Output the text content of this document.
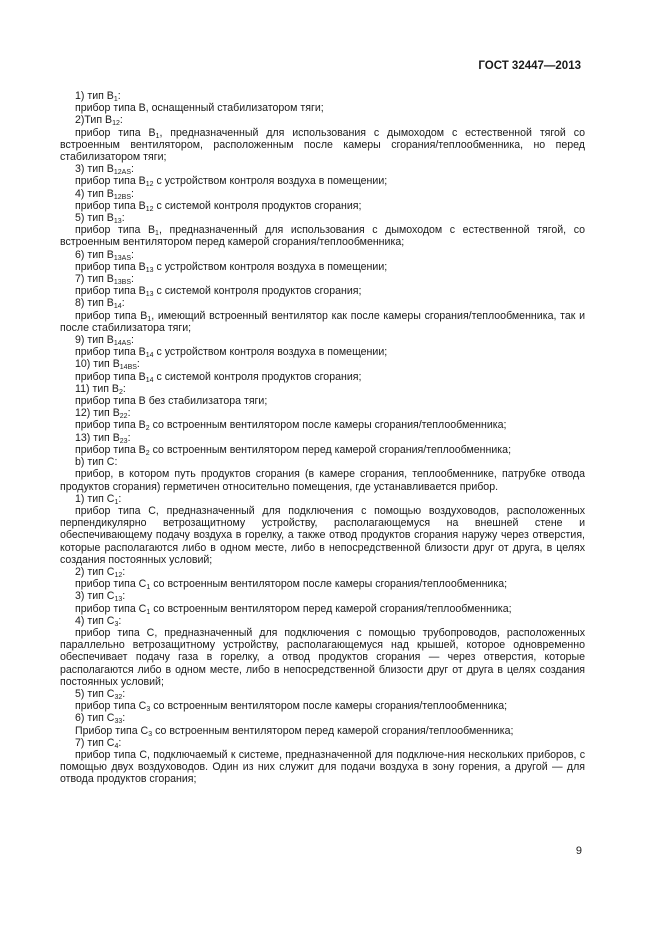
ГОСТ 32447—2013

1) тип $В_1$:

прибор типа В, оснащенный стабилизатором тяги;

2)Тип $В_{12}$:

прибор типа $В_1$, предназначенный для использования с дымоходом с естественной тягой со встроенным вентилятором, расположенным после камеры сгорания/теплообменника, но перед стабилизатором тяги;

3) тип $В_{12AS}$:

прибор типа $В_{12}$ с устройством контроля воздуха в помещении;

4) тип $В_{12BS}$:

прибор типа $В_{12}$ с системой контроля продуктов сгорания;

5) тип $В_{13}$:

прибор типа $В_1$, предназначенный для использования с дымоходом с естественной тягой, со встроенным вентилятором перед камерой сгорания/теплообменника;

6) тип $В_{13AS}$:

прибор типа $В_{13}$ с устройством контроля воздуха в помещении;

7) тип $В_{13BS}$:

прибор типа $В_{13}$ с системой контроля продуктов сгорания;

8) тип $В_{14}$:

прибор типа $В_1$, имеющий встроенный вентилятор как после камеры сгорания/теплообменника, так и после стабилизатора тяги;

9) тип $В_{14AS}$:

прибор типа $В_{14}$ с устройством контроля воздуха в помещении;

10) тип $В_{14BS}$:

прибор типа $В_{14}$ с системой контроля продуктов сгорания;

11) тип $В_2$:

прибор типа В без стабилизатора тяги;

12) тип $В_{22}$:

прибор типа $В_2$ со встроенным вентилятором после камеры сгорания/теплообменника;

13) тип $В_{23}$:

прибор типа $В_2$ со встроенным вентилятором перед камерой сгорания/теплообменника;

b) тип С:

прибор, в котором путь продуктов сгорания (в камере сгорания, теплообменнике, патрубке отвода продуктов сгорания) герметичен относительно помещения, где устанавливается прибор.

1) тип $С_1$:

прибор типа С, предназначенный для подключения с помощью воздуховодов, расположенных перпендикулярно ветрозащитному устройству, располагающемуся на внешней стене и обеспечивающему подачу воздуха в горелку, а также отвод продуктов сгорания наружу через отверстия, которые располагаются либо в одном месте, либо в непосредственной близости друг от друга, в целях создания постоянных условий;

2) тип $С_{12}$:

прибор типа $С_1$ со встроенным вентилятором после камеры сгорания/теплообменника;

3) тип $С_{13}$:

прибор типа $С_1$ со встроенным вентилятором перед камерой сгорания/теплообменника;

4) тип $С_3$:

прибор типа С, предназначенный для подключения с помощью трубопроводов, расположенных параллельно ветрозащитному устройству, располагающемуся над крышей, которое одновременно обеспечивает подачу газа в горелку, а отвод продуктов сгорания — через отверстия, которые располагаются либо в одном месте, либо в непосредственной близости друг от друга в целях создания постоянных условий;

5) тип $С_{32}$:

прибор типа $С_3$ со встроенным вентилятором после камеры сгорания/теплообменника;

6) тип $С_{33}$:

Прибор типа $С_3$ со встроенным вентилятором перед камерой сгорания/теплообменника;

7) тип $С_4$:

прибор типа С, подключаемый к системе, предназначенной для подключе-ния нескольких приборов, с помощью двух воздуховодов. Один из них служит для подачи воздуха в зону горения, а другой — для отвода продуктов сгорания;

9
